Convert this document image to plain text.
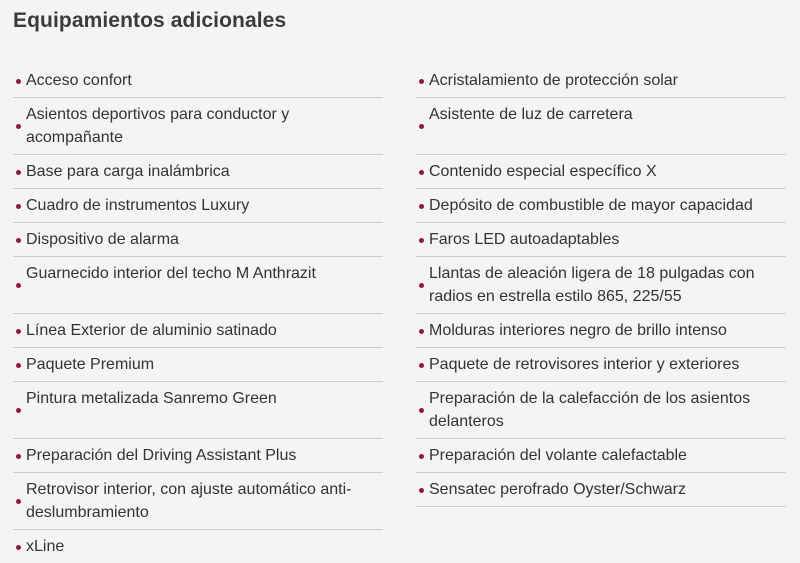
Equipamientos adicionales
Acceso confort
Asientos deportivos para conductor y acompañante
Base para carga inalámbrica
Cuadro de instrumentos Luxury
Dispositivo de alarma
Guarnecido interior del techo M Anthrazit
Línea Exterior de aluminio satinado
Paquete Premium
Pintura metalizada Sanremo Green
Preparación del Driving Assistant Plus
Retrovisor interior, con ajuste automático anti-deslumbramiento
xLine
Acristalamiento de protección solar
Asistente de luz de carretera
Contenido especial específico X
Depósito de combustible de mayor capacidad
Faros LED autoadaptables
Llantas de aleación ligera de 18 pulgadas con radios en estrella estilo 865, 225/55
Molduras interiores negro de brillo intenso
Paquete de retrovisores interior y exteriores
Preparación de la calefacción de los asientos delanteros
Preparación del volante calefactable
Sensatec perofrado Oyster/Schwarz
